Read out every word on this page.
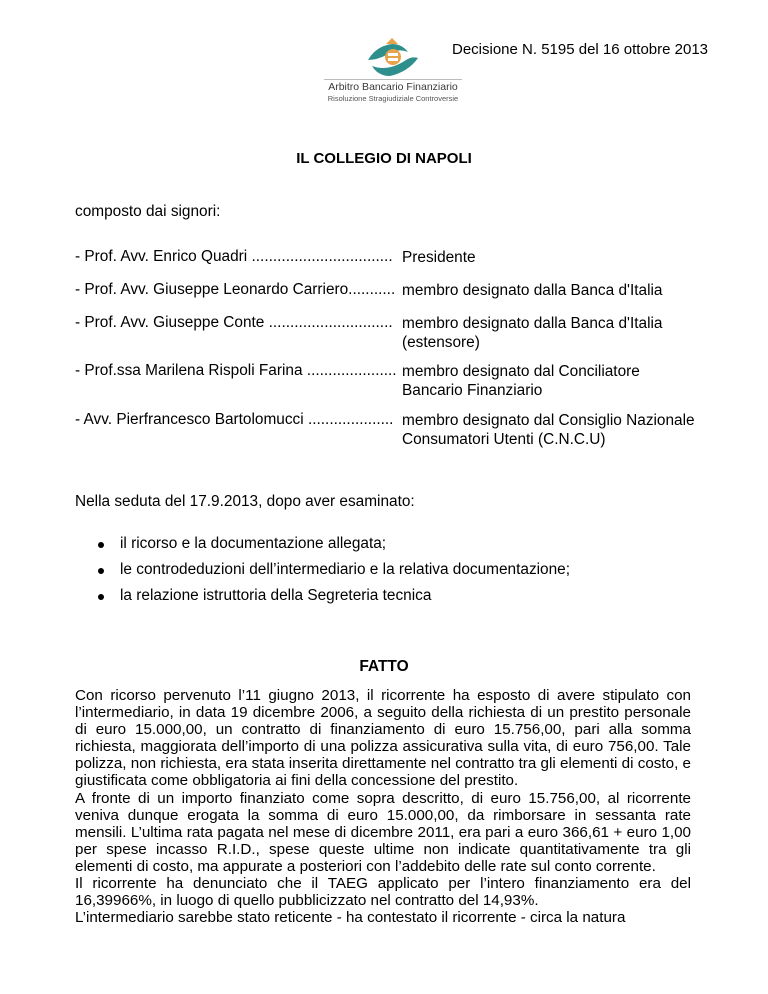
Arbitro Bancario Finanziario
Risoluzione Stragiudiziale Controversie
Decisione N. 5195 del 16 ottobre 2013
IL COLLEGIO DI NAPOLI
composto dai signori:
- Prof. Avv. Enrico Quadri ................................. Presidente
- Prof. Avv. Giuseppe Leonardo Carriero........... membro designato dalla Banca d'Italia
- Prof. Avv. Giuseppe Conte ............................. membro designato dalla Banca d'Italia (estensore)
- Prof.ssa Marilena Rispoli Farina ..................... membro designato dal Conciliatore Bancario Finanziario
- Avv. Pierfrancesco Bartolomucci .................... membro designato dal Consiglio Nazionale Consumatori Utenti (C.N.C.U)
Nella seduta del 17.9.2013, dopo aver esaminato:
il ricorso e la documentazione allegata;
le controdeduzioni dell’intermediario e la relativa documentazione;
la relazione istruttoria della Segreteria tecnica
FATTO

Con ricorso pervenuto l’11 giugno 2013, il ricorrente ha esposto di avere stipulato con l’intermediario, in data 19 dicembre 2006, a seguito della richiesta di un prestito personale di euro 15.000,00, un contratto di finanziamento di euro 15.756,00, pari alla somma richiesta, maggiorata dell’importo di una polizza assicurativa sulla vita, di euro 756,00. Tale polizza, non richiesta, era stata inserita direttamente nel contratto tra gli elementi di costo, e giustificata come obbligatoria ai fini della concessione del prestito.

A fronte di un importo finanziato come sopra descritto, di euro 15.756,00, al ricorrente veniva dunque erogata la somma di euro 15.000,00, da rimborsare in sessanta rate mensili. L’ultima rata pagata nel mese di dicembre 2011, era pari a euro 366,61 + euro 1,00 per spese incasso R.I.D., spese queste ultime non indicate quantitativamente tra gli elementi di costo, ma appurate a posteriori con l’addebito delle rate sul conto corrente.

Il ricorrente ha denunciato che il TAEG applicato per l’intero finanziamento era del 16,39966%, in luogo di quello pubblicizzato nel contratto del 14,93%.

L’intermediario sarebbe stato reticente - ha contestato il ricorrente - circa la natura
